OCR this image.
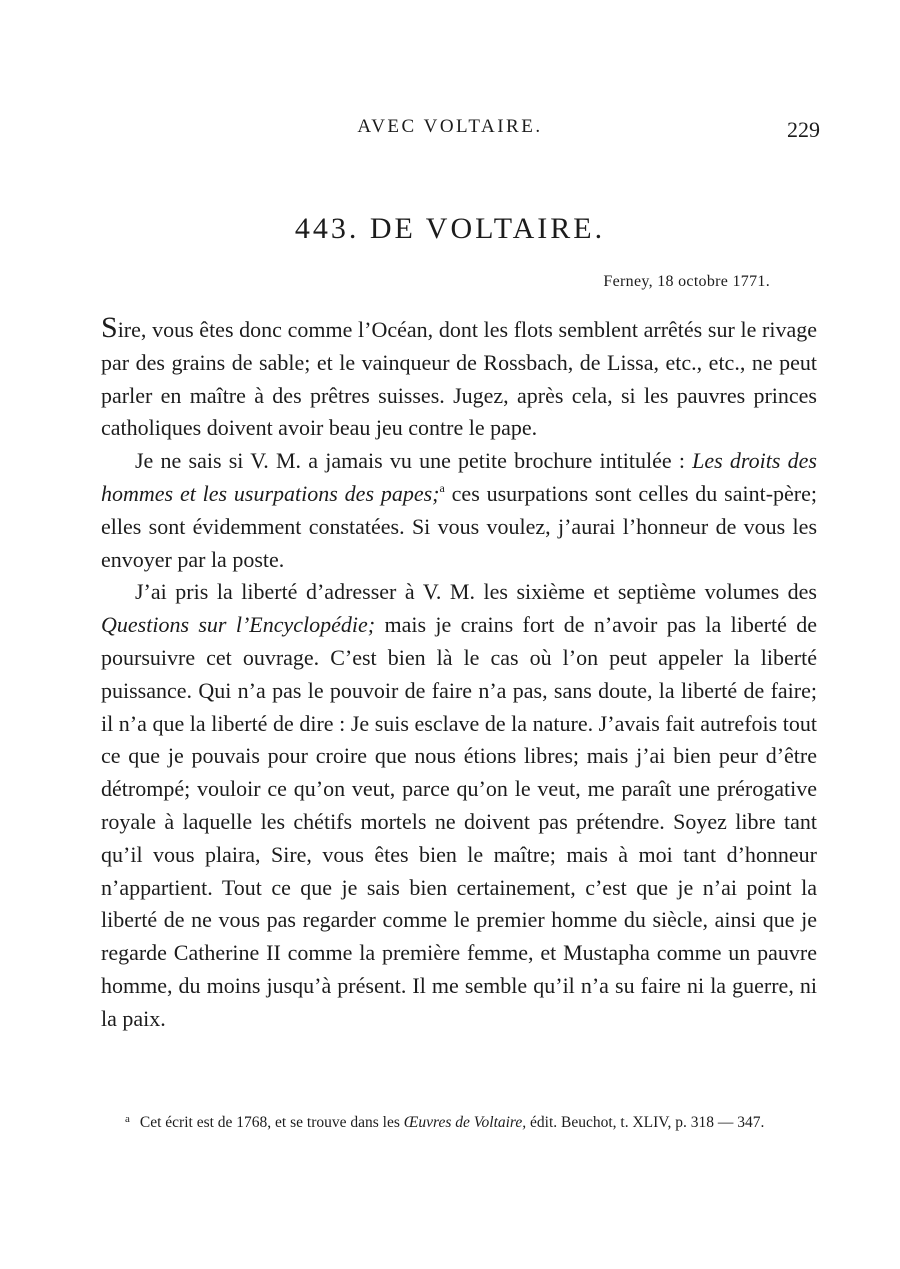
AVEC VOLTAIRE.	229
443. DE VOLTAIRE.
Ferney, 18 octobre 1771.

Sire, vous êtes donc comme l’Océan, dont les flots semblent arrêtés sur le rivage par des grains de sable; et le vainqueur de Rossbach, de Lissa, etc., etc., ne peut parler en maître à des prêtres suisses. Jugez, après cela, si les pauvres princes catholiques doivent avoir beau jeu contre le pape.

Je ne sais si V. M. a jamais vu une petite brochure intitulée : Les droits des hommes et les usurpations des papes;$^a$ ces usurpations sont celles du saint-père; elles sont évidemment constatées. Si vous voulez, j’aurai l’honneur de vous les envoyer par la poste.

J’ai pris la liberté d’adresser à V. M. les sixième et septième volumes des Questions sur l’Encyclopédie; mais je crains fort de n’avoir pas la liberté de poursuivre cet ouvrage. C’est bien là le cas où l’on peut appeler la liberté puissance. Qui n’a pas le pouvoir de faire n’a pas, sans doute, la liberté de faire; il n’a que la liberté de dire : Je suis esclave de la nature. J’avais fait autrefois tout ce que je pouvais pour croire que nous étions libres; mais j’ai bien peur d’être détrompé; vouloir ce qu’on veut, parce qu’on le veut, me paraît une prérogative royale à laquelle les chétifs mortels ne doivent pas prétendre. Soyez libre tant qu’il vous plaira, Sire, vous êtes bien le maître; mais à moi tant d’honneur n’appartient. Tout ce que je sais bien certainement, c’est que je n’ai point la liberté de ne vous pas regarder comme le premier homme du siècle, ainsi que je regarde Catherine II comme la première femme, et Mustapha comme un pauvre homme, du moins jusqu’à présent. Il me semble qu’il n’a su faire ni la guerre, ni la paix.

$^a$ Cet écrit est de 1768, et se trouve dans les Œuvres de Voltaire, édit. Beuchot, t. XLIV, p. 318 — 347.
